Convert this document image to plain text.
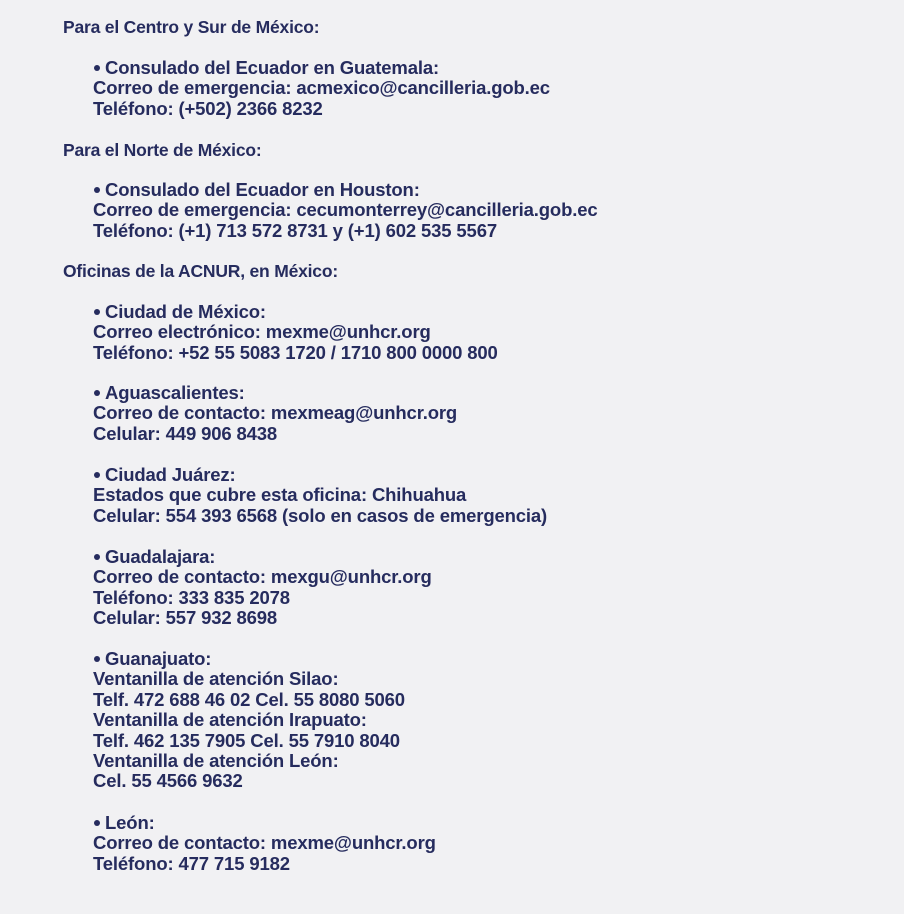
Para el Centro y Sur de México:
Consulado del Ecuador en Guatemala:
Correo de emergencia: acmexico@cancilleria.gob.ec
Teléfono: (+502) 2366 8232
Para el Norte de México:
Consulado del Ecuador en Houston:
Correo de emergencia: cecumonterrey@cancilleria.gob.ec
Teléfono: (+1) 713 572 8731 y (+1) 602 535 5567
Oficinas de la ACNUR, en México:
Ciudad de México:
Correo electrónico: mexme@unhcr.org
Teléfono: +52 55 5083 1720 / 1710 800 0000 800
Aguascalientes:
Correo de contacto: mexmeag@unhcr.org
Celular: 449 906 8438
Ciudad Juárez:
Estados que cubre esta oficina: Chihuahua
Celular: 554 393 6568 (solo en casos de emergencia)
Guadalajara:
Correo de contacto: mexgu@unhcr.org
Teléfono: 333 835 2078
Celular: 557 932 8698
Guanajuato:
Ventanilla de atención Silao:
Telf. 472 688 46 02 Cel. 55 8080 5060
Ventanilla de atención Irapuato:
Telf. 462 135 7905 Cel. 55 7910 8040
Ventanilla de atención León:
Cel. 55 4566 9632
León:
Correo de contacto: mexme@unhcr.org
Teléfono: 477 715 9182
